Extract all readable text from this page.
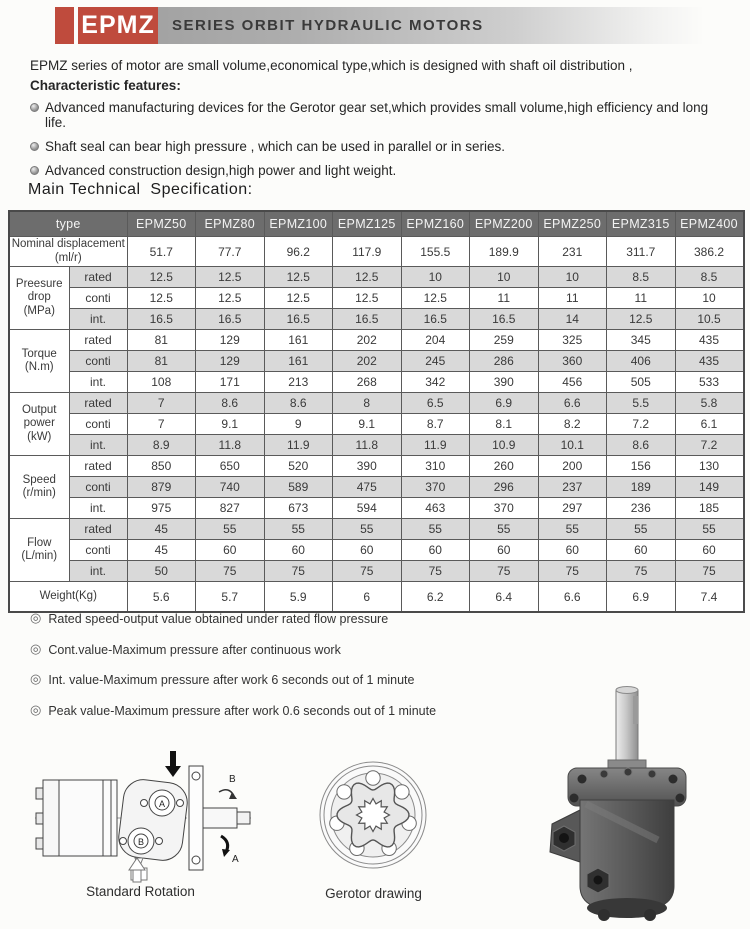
EPMZ SERIES ORBIT HYDRAULIC MOTORS

EPMZ series of motor are small volume,economical type,which is designed with shaft oil distribution ,

Characteristic features:

Advanced manufacturing devices for the Gerotor gear set,which provides small volume,high efficiency and long life.
Shaft seal can bear high pressure , which can be used in parallel or in series.
Advanced construction design,high power and light weight.
Main Technical  Specification:
type		EPMZ50	EPMZ80	EPMZ100	EPMZ125	EPMZ160	EPMZ200	EPMZ250	EPMZ315	EPMZ400
Nominal displacement
(ml/r)		51.7	77.7	96.2	117.9	155.5	189.9	231	311.7	386.2
Preesure
drop
(MPa)	rated	12.5	12.5	12.5	12.5	10	10	10	8.5	8.5
	conti	12.5	12.5	12.5	12.5	12.5	11	11	11	10
	int.	16.5	16.5	16.5	16.5	16.5	16.5	14	12.5	10.5
Torque
(N.m)	rated	81	129	161	202	204	259	325	345	435
	conti	81	129	161	202	245	286	360	406	435
	int.	108	171	213	268	342	390	456	505	533
Output
power
(kW)	rated	7	8.6	8.6	8	6.5	6.9	6.6	5.5	5.8
	conti	7	9.1	9	9.1	8.7	8.1	8.2	7.2	6.1
	int.	8.9	11.8	11.9	11.8	11.9	10.9	10.1	8.6	7.2
Speed
(r/min)	rated	850	650	520	390	310	260	200	156	130
	conti	879	740	589	475	370	296	237	189	149
	int.	975	827	673	594	463	370	297	236	185
Flow
(L/min)	rated	45	55	55	55	55	55	55	55	55
	conti	45	60	60	60	60	60	60	60	60
	int.	50	75	75	75	75	75	75	75	75
Weight(Kg)		5.6	5.7	5.9	6	6.2	6.4	6.6	6.9	7.4
◎ Rated speed-output value obtained under rated flow pressure
◎ Cont.value-Maximum pressure after continuous work
◎ Int. value-Maximum pressure after work 6 seconds out of 1 minute
◎ Peak value-Maximum pressure after work 0.6 seconds out of 1 minute
A
B
B
A
Standard Rotation	Gerotor drawing
